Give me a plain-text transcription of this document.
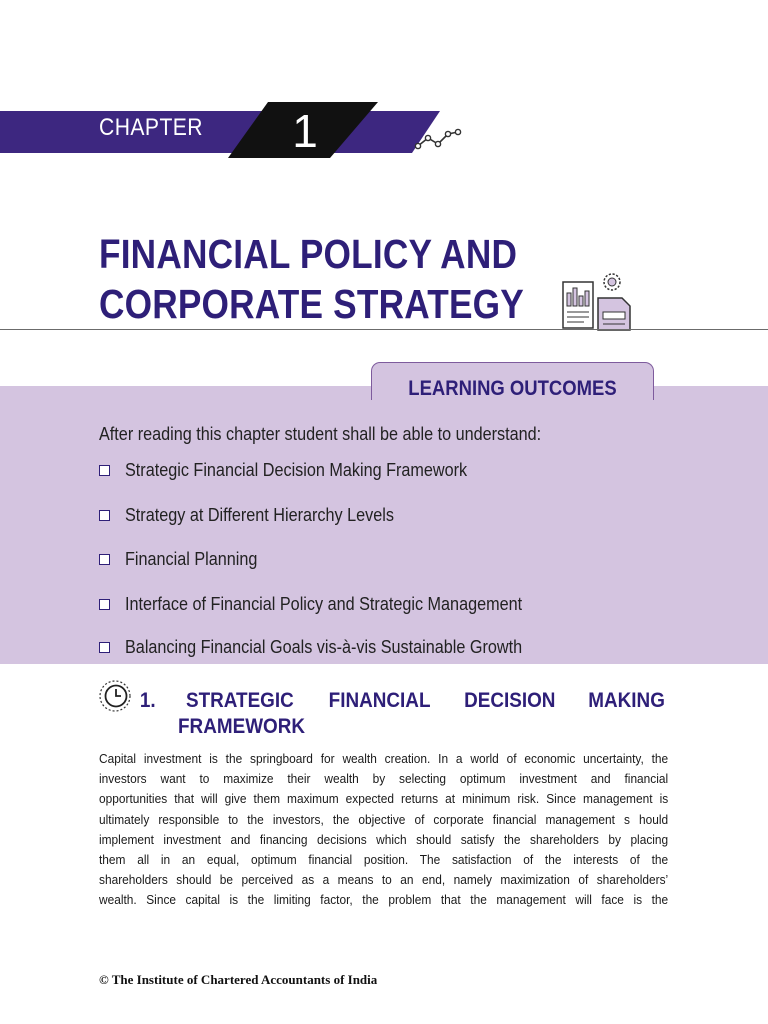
CHAPTER 1
FINANCIAL POLICY AND
CORPORATE STRATEGY
LEARNING OUTCOMES
After reading this chapter student shall be able to understand:
Strategic Financial Decision Making Framework
Strategy at Different Hierarchy Levels
Financial Planning
Interface of Financial Policy and Strategic Management
Balancing Financial Goals vis-à-vis Sustainable Growth
1. STRATEGIC FINANCIAL DECISION MAKING
FRAMEWORK
Capital investment is the springboard for wealth creation. In a world of economic uncertainty, the
investors want to maximize their wealth by selecting optimum investment and financial
opportunities that will give them maximum expected returns at minimum risk. Since management is
ultimately responsible to the investors, the objective of corporate financial management s hould
implement investment and financing decisions which should satisfy the shareholders by placing
them all in an equal, optimum financial position. The satisfaction of the interests of the
shareholders should be perceived as a means to an end, namely maximization of shareholders’
wealth. Since capital is the limiting factor, the problem that the management will face is the
© The Institute of Chartered Accountants of India
